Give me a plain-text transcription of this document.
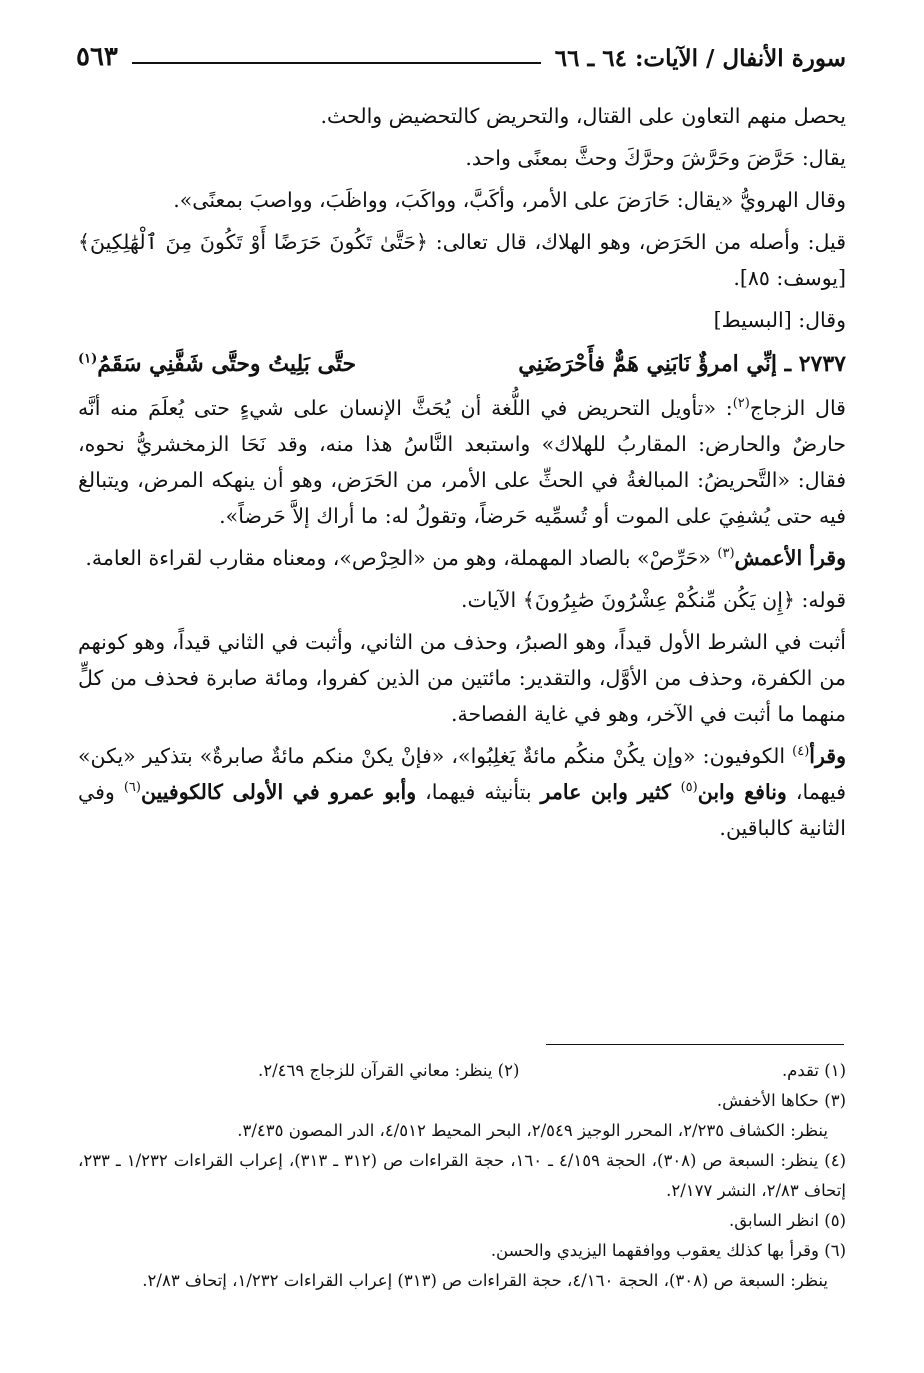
سورة الأنفال / الآيات: ٦٤ ـ ٦٦
٥٦٣

يحصل منهم التعاون على القتال، والتحريض كالتحضيض والحث.

يقال: حَرَّضَ وحَرَّشَ وحرَّكَ وحثَّ بمعنًى واحد.

وقال الهرويُّ «يقال: حَارَضَ على الأمر، وأكَبَّ، وواكَبَ، وواظَبَ، وواصبَ بمعنًى».

قيل: وأصله من الحَرَض، وهو الهلاك، قال تعالى: ﴿حَتَّىٰ تَكُونَ حَرَضًا أَوْ تَكُونَ مِنَ ٱلْهَٰلِكِينَ﴾ [يوسف: ٨٥].

وقال: [البسيط]

٢٧٣٧ ـ إنِّي امرؤٌ نَابَنِي هَمٌّ فأَحْرَضَنِي
حتَّى بَلِيتُ وحتَّى شَفَّنِي سَقَمُ$^{(١)}$

قال الزجاج$^{(٢)}$: «تأويل التحريض في اللُّغة أن يُحَثَّ الإنسان على شيءٍ حتى يُعلَمَ منه أنَّه حارضٌ والحارض: المقاربُ للهلاك» واستبعد النَّاسُ هذا منه، وقد نَحَا الزمخشريُّ نحوه، فقال: «التَّحريضُ: المبالغةُ في الحثِّ على الأمر، من الحَرَض، وهو أن ينهكه المرض، ويتبالغ فيه حتى يُشفِيَ على الموت أو تُسمِّيه حَرضاً، وتقولُ له: ما أراك إلاَّ حَرضاً».

وقرأ الأعمش$^{(٣)}$ «حَرِّصْ» بالصاد المهملة، وهو من «الحِرْص»، ومعناه مقارب لقراءة العامة.

قوله: ﴿إِن يَكُن مِّنكُمْ عِشْرُونَ صَٰبِرُونَ﴾ الآيات.

أثبت في الشرط الأول قيداً، وهو الصبرُ، وحذف من الثاني، وأثبت في الثاني قيداً، وهو كونهم من الكفرة، وحذف من الأوَّل، والتقدير: مائتين من الذين كفروا، ومائة صابرة فحذف من كلٍّ منهما ما أثبت في الآخر، وهو في غاية الفصاحة.

وقرأ$^{(٤)}$ الكوفيون: «وإن يكُنْ منكُم مائةٌ يَغلِبُوا»، «فإنْ يكنْ منكم مائةٌ صابرةٌ» بتذكير «يكن» فيهما، ونافع وابن$^{(٥)}$ كثير وابن عامر بتأنيثه فيهما، وأبو عمرو في الأولى كالكوفيين$^{(٦)}$ وفي الثانية كالباقين.

(١) تقدم.
(٢) ينظر: معاني القرآن للزجاج ٢/٤٦٩.

(٣) حكاها الأخفش.

ينظر: الكشاف ٢/٢٣٥، المحرر الوجيز ٢/٥٤٩، البحر المحيط ٤/٥١٢، الدر المصون ٣/٤٣٥.

(٤) ينظر: السبعة ص (٣٠٨)، الحجة ٤/١٥٩ ـ ١٦٠، حجة القراءات ص (٣١٢ ـ ٣١٣)، إعراب القراءات ١/٢٣٢ ـ ٢٣٣، إتحاف ٢/٨٣، النشر ٢/١٧٧.

(٥) انظر السابق.

(٦) وقرأ بها كذلك يعقوب ووافقهما اليزيدي والحسن.

ينظر: السبعة ص (٣٠٨)، الحجة ٤/١٦٠، حجة القراءات ص (٣١٣) إعراب القراءات ١/٢٣٢، إتحاف ٢/٨٣.
